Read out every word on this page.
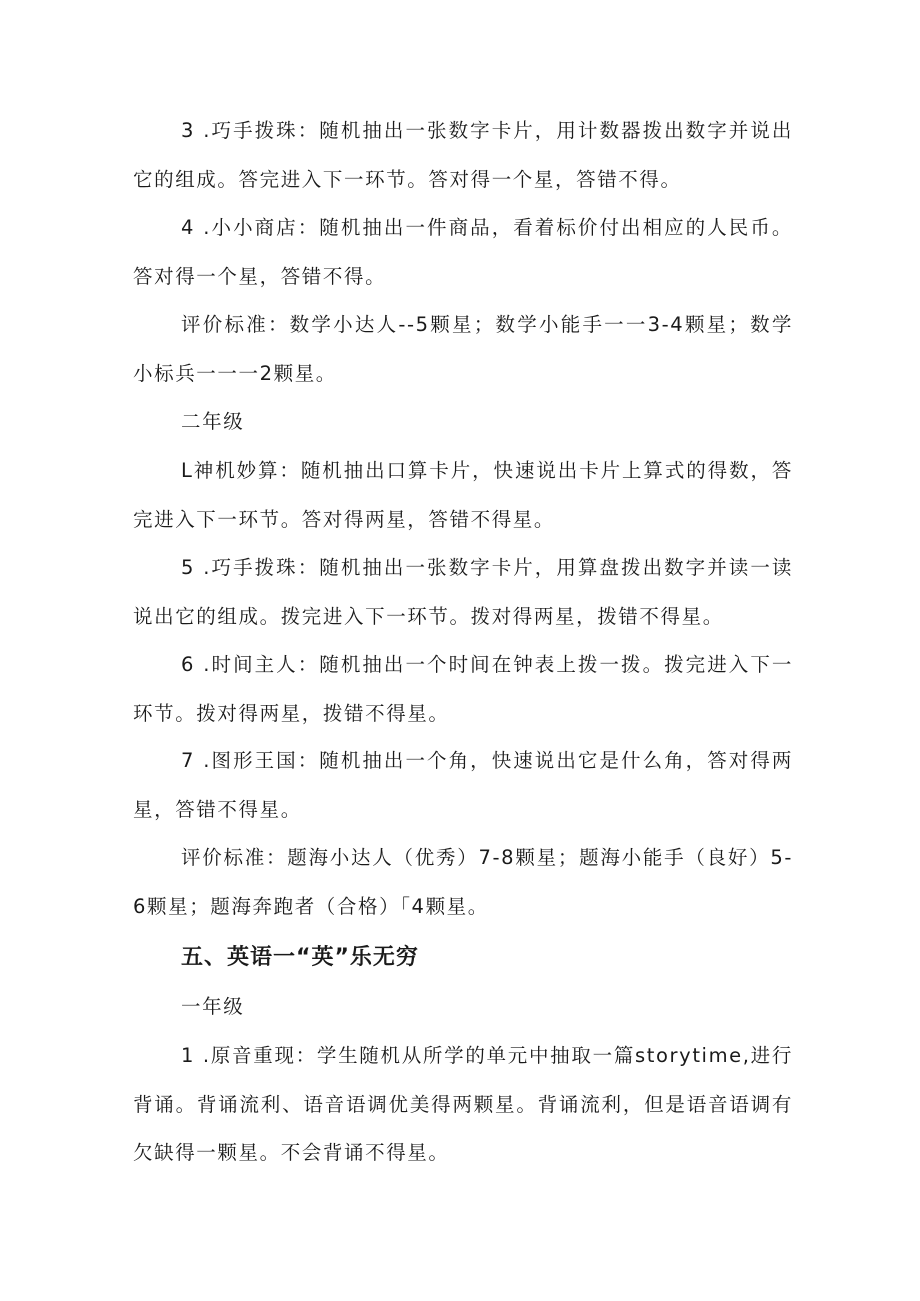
3 .巧手拨珠：随机抽出一张数字卡片，用计数器拨出数字并说出它的组成。答完进入下一环节。答对得一个星，答错不得。

4 .小小商店：随机抽出一件商品，看着标价付出相应的人民币。答对得一个星，答错不得。

评价标准：数学小达人--5颗星；数学小能手一一3-4颗星；数学小标兵一一一2颗星。

二年级

L神机妙算：随机抽出口算卡片，快速说出卡片上算式的得数，答完进入下一环节。答对得两星，答错不得星。

5 .巧手拨珠：随机抽出一张数字卡片，用算盘拨出数字并读一读说出它的组成。拨完进入下一环节。拨对得两星，拨错不得星。

6 .时间主人：随机抽出一个时间在钟表上拨一拨。拨完进入下一环节。拨对得两星，拨错不得星。

7 .图形王国：随机抽出一个角，快速说出它是什么角，答对得两星，答错不得星。

评价标准：题海小达人（优秀）7-8颗星；题海小能手（良好）5-6颗星；题海奔跑者（合格）「4颗星。

五、英语一“英”乐无穷

一年级

1 .原音重现：学生随机从所学的单元中抽取一篇storytime,进行背诵。背诵流利、语音语调优美得两颗星。背诵流利，但是语音语调有欠缺得一颗星。不会背诵不得星。
